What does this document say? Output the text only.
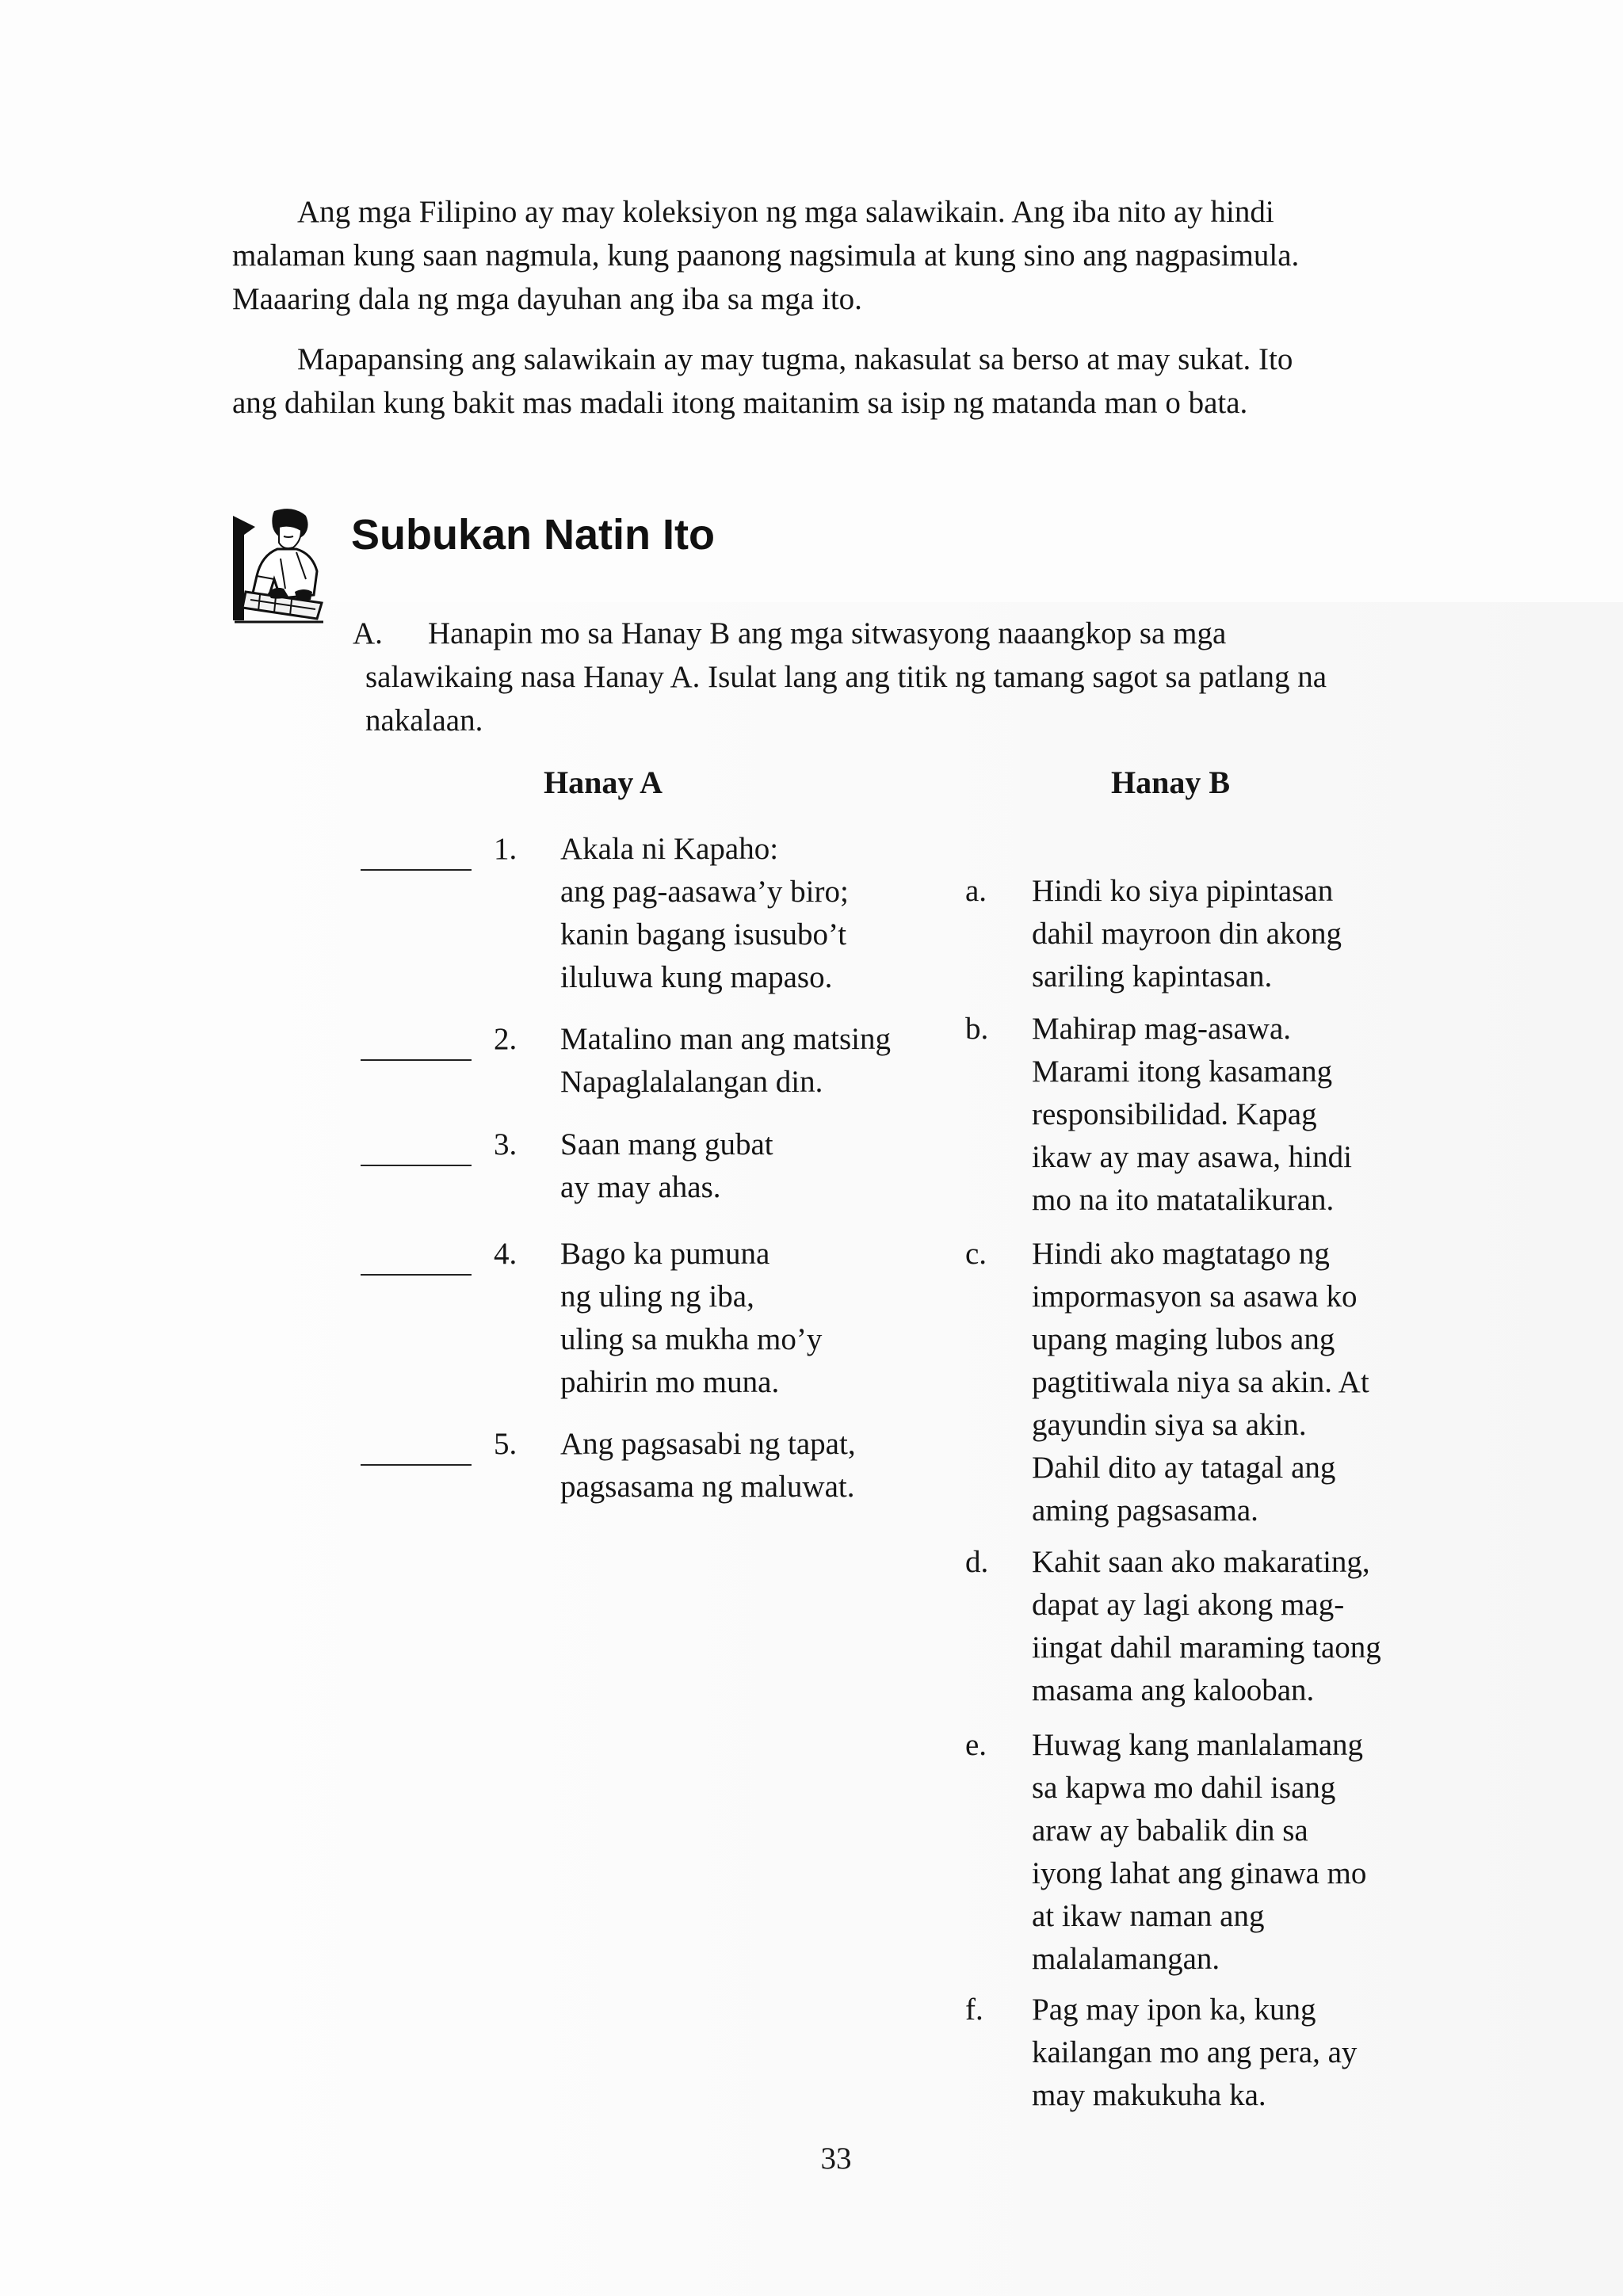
Ang mga Filipino ay may koleksiyon ng mga salawikain. Ang iba nito ay hindi
malaman kung saan nagmula, kung paanong nagsimula at kung sino ang nagpasimula.
Maaaring dala ng mga dayuhan ang iba sa mga ito.

Mapapansing ang salawikain ay may tugma, nakasulat sa berso at may sukat. Ito
ang dahilan kung bakit mas madali itong maitanim sa isip ng matanda man o bata.

Subukan Natin Ito
A. Hanapin mo sa Hanay B ang mga sitwasyong naaangkop sa mga
salawikaing nasa Hanay A. Isulat lang ang titik ng tamang sagot sa patlang na
nakalaan.
Hanay A	Hanay B
1. Akala ni Kapaho:
ang pag-aasawa’y biro;
kanin bagang isusubo’t
iluluwa kung mapaso.
2. Matalino man ang matsing
Napaglalalangan din.
3. Saan mang gubat
ay may ahas.
4. Bago ka pumuna
ng uling ng iba,
uling sa mukha mo’y
pahirin mo muna.
5. Ang pagsasabi ng tapat,
pagsasama ng maluwat.
a. Hindi ko siya pipintasan
dahil mayroon din akong
sariling kapintasan.
b. Mahirap mag-asawa.
Marami itong kasamang
responsibilidad. Kapag
ikaw ay may asawa, hindi
mo na ito matatalikuran.
c. Hindi ako magtatago ng
impormasyon sa asawa ko
upang maging lubos ang
pagtitiwala niya sa akin. At
gayundin siya sa akin.
Dahil dito ay tatagal ang
aming pagsasama.
d. Kahit saan ako makarating,
dapat ay lagi akong mag-
iingat dahil maraming taong
masama ang kalooban.
e. Huwag kang manlalamang
sa kapwa mo dahil isang
araw ay babalik din sa
iyong lahat ang ginawa mo
at ikaw naman ang
malalamangan.
f. Pag may ipon ka, kung
kailangan mo ang pera, ay
may makukuha ka.
33
